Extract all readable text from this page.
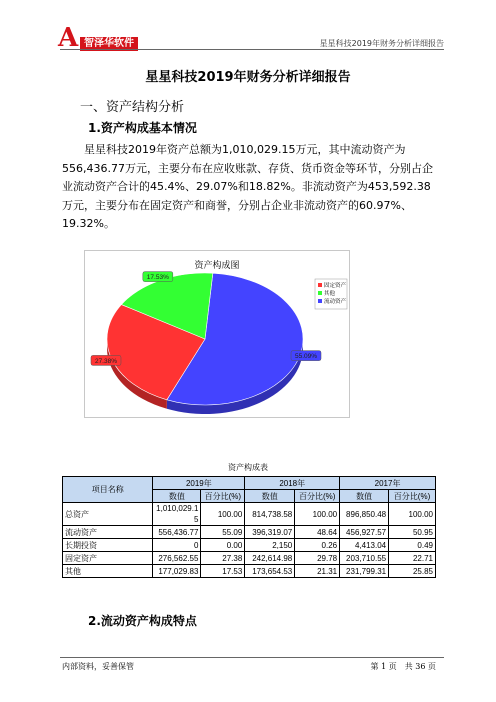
A 智泽华软件	星星科技2019年财务分析详细报告
星星科技2019年财务分析详细报告
一、资产结构分析
1.资产构成基本情况

星星科技2019年资产总额为1,010,029.15万元，其中流动资产为556,436.77万元，主要分布在应收账款、存货、货币资金等环节，分别占企业流动资产合计的45.4%、29.07%和18.82%。非流动资产为453,592.38万元，主要分布在固定资产和商誉，分别占企业非流动资产的60.97%、19.32%。

资产构成图
55.09%
27.38%
17.53%
固定资产
其他
流动资产
资产构成表
项目名称	2019年		2018年		2017年	
	数值	百分比(%)	数值	百分比(%)	数值	百分比(%)
总资产	1,010,029.1
5	100.00	814,738.58	100.00	896,850.48	100.00
流动资产	556,436.77	55.09	396,319.07	48.64	456,927.57	50.95
长期投资	0	0.00	2,150	0.26	4,413.04	0.49
固定资产	276,562.55	27.38	242,614.98	29.78	203,710.55	22.71
其他	177,029.83	17.53	173,654.53	21.31	231,799.31	25.85
2.流动资产构成特点
内部资料，妥善保管	第 1 页　共 36 页
